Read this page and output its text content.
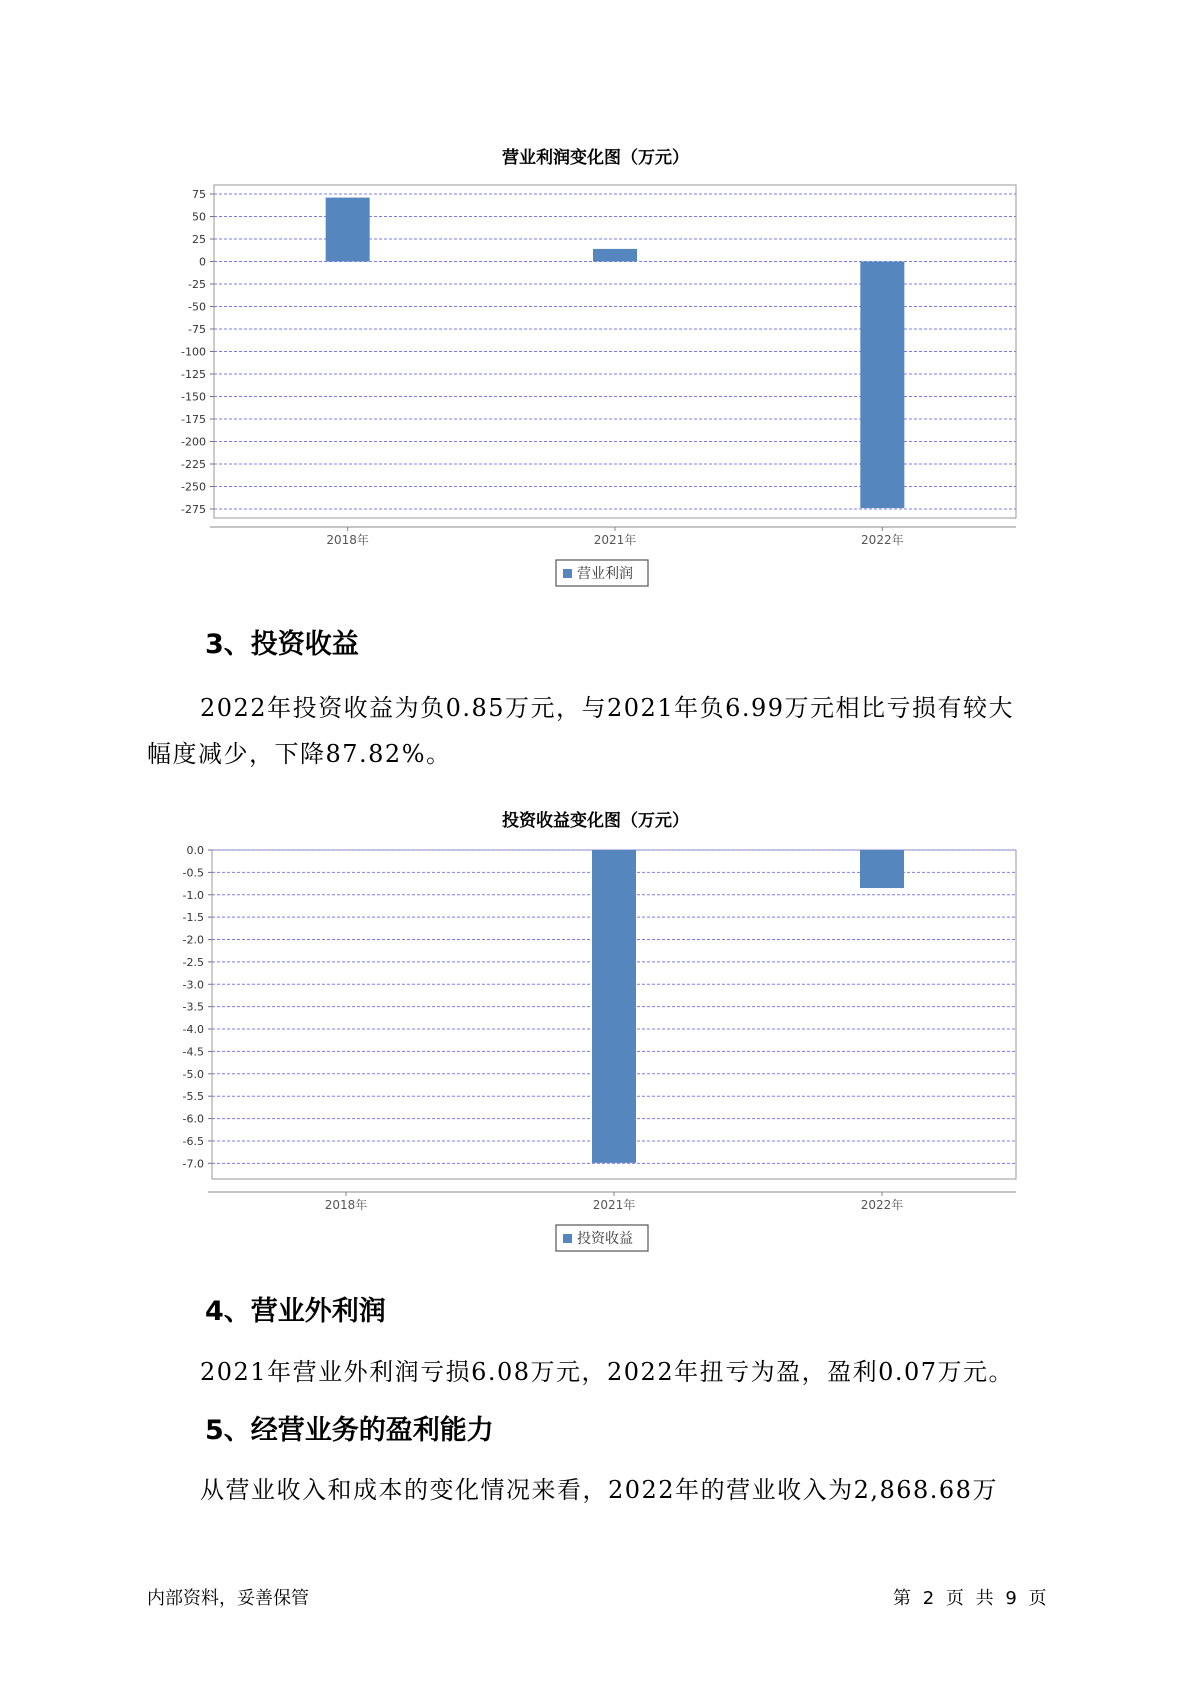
营业利润变化图（万元）
75
50
25
0
-25
-50
-75
-100
-125
-150
-175
-200
-225
-250
-275
2018年	2021年	2022年
营业利润
3、投资收益
2022年投资收益为负0.85万元，与2021年负6.99万元相比亏损有较大
幅度减少，下降87.82%。
投资收益变化图（万元）
0.0
-0.5
-1.0
-1.5
-2.0
-2.5
-3.0
-3.5
-4.0
-4.5
-5.0
-5.5
-6.0
-6.5
-7.0
2018年	2021年	2022年
投资收益
4、营业外利润
2021年营业外利润亏损6.08万元，2022年扭亏为盈，盈利0.07万元。
5、经营业务的盈利能力
从营业收入和成本的变化情况来看，2022年的营业收入为2,868.68万
内部资料，妥善保管	第 2 页 共 9 页
